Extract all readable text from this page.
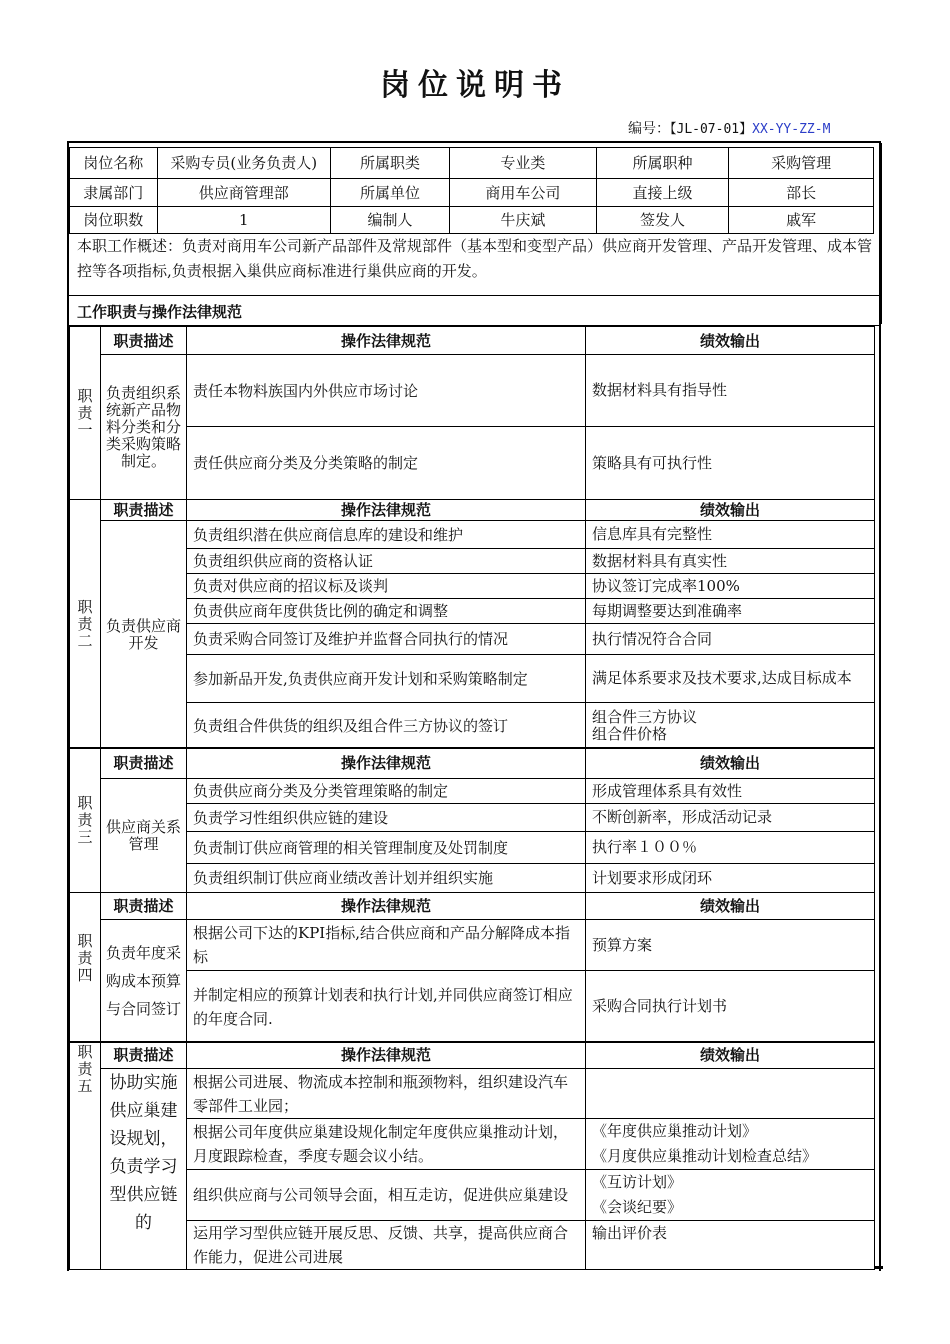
岗位说明书
编号：【JL-07-01】XX-YY-ZZ-M
岗位名称	采购专员(业务负责人)	所属职类	专业类	所属职种	采购管理
隶属部门	供应商管理部	所属单位	商用车公司	直接上级	部长
岗位职数	1	编制人	牛庆斌	签发人	戚军
本职工作概述：负责对商用车公司新产品部件及常规部件（基本型和变型产品）供应商开发管理、产品开发管理、成本管控等各项指标,负责根据入巢供应商标准进行巢供应商的开发。
工作职责与操作法律规范
职责一	职责描述	操作法律规范	绩效输出
	负责组织系统新产品物料分类和分类采购策略制定。	责任本物料族国内外供应市场讨论	数据材料具有指导性
		责任供应商分类及分类策略的制定	策略具有可执行性
职责二	职责描述	操作法律规范	绩效输出
	负责供应商开发	负责组织潜在供应商信息库的建设和维护	信息库具有完整性
		负责组织供应商的资格认证	数据材料具有真实性
		负责对供应商的招议标及谈判	协议签订完成率100%
		负责供应商年度供货比例的确定和调整	每期调整要达到准确率
		负责采购合同签订及维护并监督合同执行的情况	执行情况符合合同
		参加新品开发,负责供应商开发计划和采购策略制定	满足体系要求及技术要求,达成目标成本
		负责组合件供货的组织及组合件三方协议的签订	组合件三方协议
组合件价格
职责三	职责描述	操作法律规范	绩效输出
	供应商关系管理	负责供应商分类及分类管理策略的制定	形成管理体系具有效性
		负责学习性组织供应链的建设	不断创新率，形成活动记录
		负责制订供应商管理的相关管理制度及处罚制度	执行率１００％
		负责组织制订供应商业绩改善计划并组织实施	计划要求形成闭环
职责四	职责描述	操作法律规范	绩效输出
	负责年度采购成本预算与合同签订	根据公司下达的KPI指标,结合供应商和产品分解降成本指标	预算方案
		并制定相应的预算计划表和执行计划,并同供应商签订相应的年度合同.	采购合同执行计划书
职责五	职责描述	操作法律规范	绩效输出
	协助实施供应巢建设规划，负责学习型供应链的	根据公司进展、物流成本控制和瓶颈物料，组织建设汽车零部件工业园；	
		根据公司年度供应巢建设规化制定年度供应巢推动计划，月度跟踪检查，季度专题会议小结。	《年度供应巢推动计划》
《月度供应巢推动计划检查总结》
		组织供应商与公司领导会面，相互走访，促进供应巢建设	《互访计划》
《会谈纪要》
		运用学习型供应链开展反思、反馈、共享，提高供应商合作能力，促进公司进展	输出评价表
